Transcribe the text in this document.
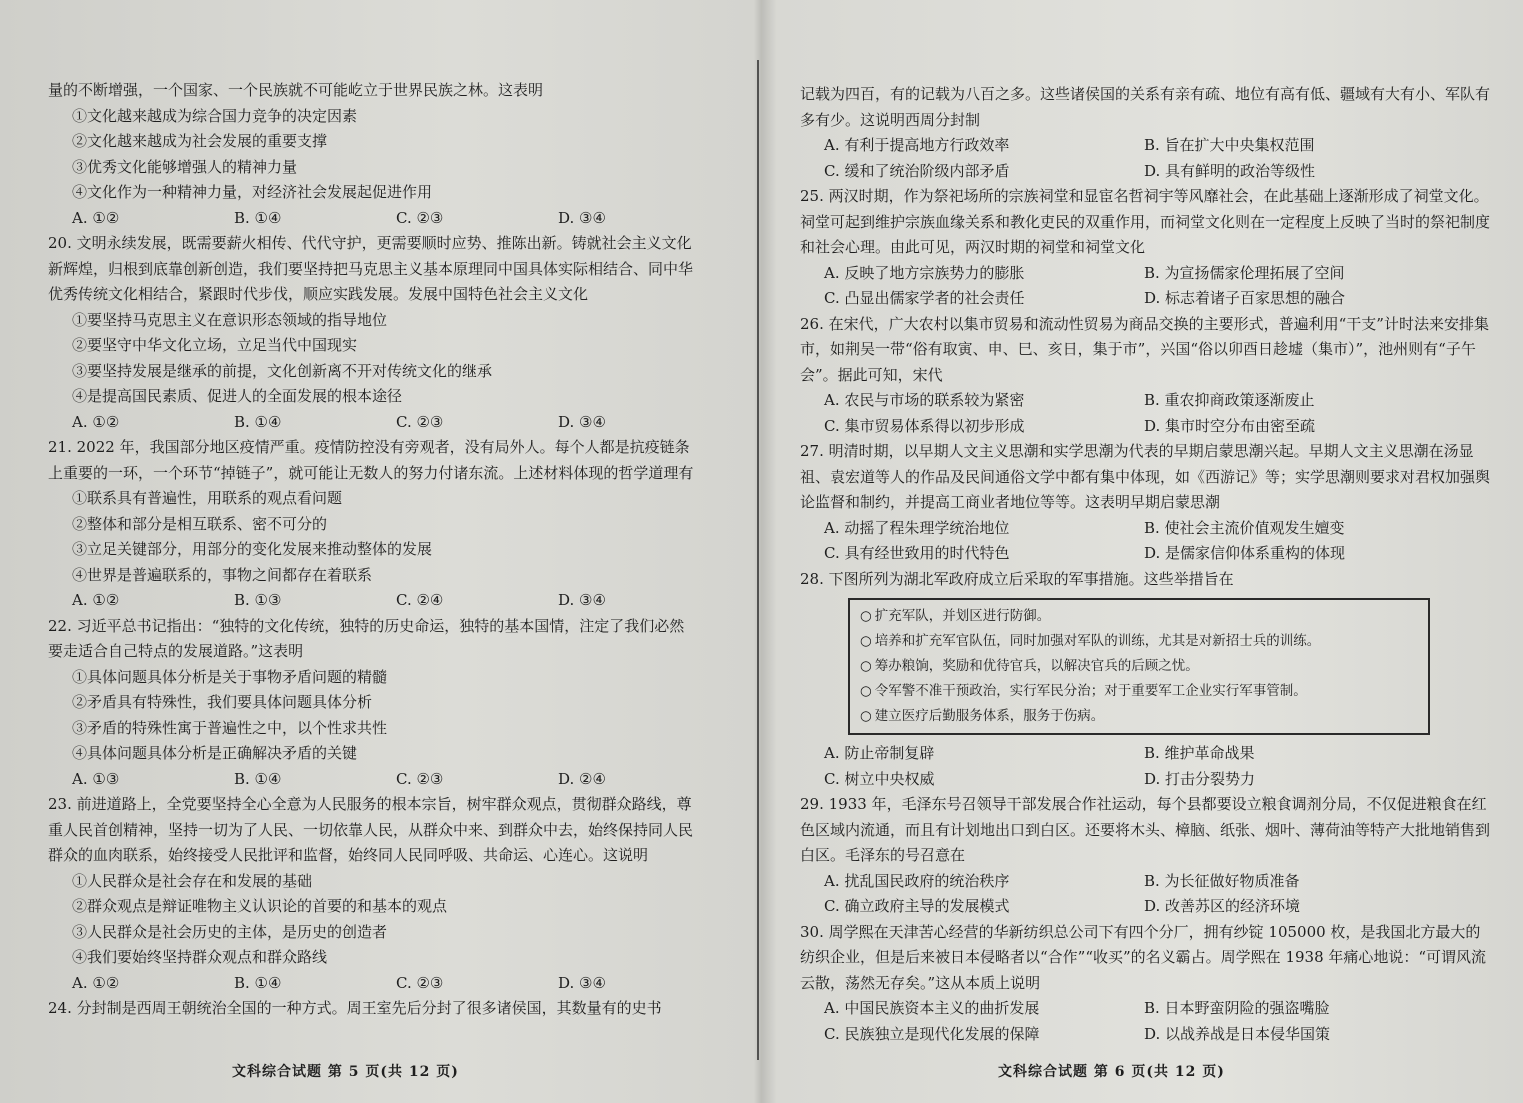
量的不断增强，一个国家、一个民族就不可能屹立于世界民族之林。这表明

①文化越来越成为综合国力竞争的决定因素
②文化越来越成为社会发展的重要支撑
③优秀文化能够增强人的精神力量
④文化作为一种精神力量，对经济社会发展起促进作用
A. ①②	B. ①④	C. ②③	D. ③④

20. 文明永续发展，既需要薪火相传、代代守护，更需要顺时应势、推陈出新。铸就社会主义文化新辉煌，归根到底靠创新创造，我们要坚持把马克思主义基本原理同中国具体实际相结合、同中华优秀传统文化相结合，紧跟时代步伐，顺应实践发展。发展中国特色社会主义文化

①要坚持马克思主义在意识形态领域的指导地位
②要坚守中华文化立场，立足当代中国现实
③要坚持发展是继承的前提，文化创新离不开对传统文化的继承
④是提高国民素质、促进人的全面发展的根本途径
A. ①②	B. ①④	C. ②③	D. ③④

21. 2022 年，我国部分地区疫情严重。疫情防控没有旁观者，没有局外人。每个人都是抗疫链条上重要的一环，一个环节“掉链子”，就可能让无数人的努力付诸东流。上述材料体现的哲学道理有

①联系具有普遍性，用联系的观点看问题
②整体和部分是相互联系、密不可分的
③立足关键部分，用部分的变化发展来推动整体的发展
④世界是普遍联系的，事物之间都存在着联系
A. ①②	B. ①③	C. ②④	D. ③④

22. 习近平总书记指出：“独特的文化传统，独特的历史命运，独特的基本国情，注定了我们必然要走适合自己特点的发展道路。”这表明

①具体问题具体分析是关于事物矛盾问题的精髓
②矛盾具有特殊性，我们要具体问题具体分析
③矛盾的特殊性寓于普遍性之中，以个性求共性
④具体问题具体分析是正确解决矛盾的关键
A. ①③	B. ①④	C. ②③	D. ②④

23. 前进道路上，全党要坚持全心全意为人民服务的根本宗旨，树牢群众观点，贯彻群众路线，尊重人民首创精神，坚持一切为了人民、一切依靠人民，从群众中来、到群众中去，始终保持同人民群众的血肉联系，始终接受人民批评和监督，始终同人民同呼吸、共命运、心连心。这说明

①人民群众是社会存在和发展的基础
②群众观点是辩证唯物主义认识论的首要的和基本的观点
③人民群众是社会历史的主体，是历史的创造者
④我们要始终坚持群众观点和群众路线
A. ①②	B. ①④	C. ②③	D. ③④

24. 分封制是西周王朝统治全国的一种方式。周王室先后分封了很多诸侯国，其数量有的史书

文科综合试题 第 5 页(共 12 页)

记载为四百，有的记载为八百之多。这些诸侯国的关系有亲有疏、地位有高有低、疆域有大有小、军队有多有少。这说明西周分封制

A. 有利于提高地方行政效率	B. 旨在扩大中央集权范围
C. 缓和了统治阶级内部矛盾	D. 具有鲜明的政治等级性

25. 两汉时期，作为祭祀场所的宗族祠堂和显宦名哲祠宇等风靡社会，在此基础上逐渐形成了祠堂文化。祠堂可起到维护宗族血缘关系和教化吏民的双重作用，而祠堂文化则在一定程度上反映了当时的祭祀制度和社会心理。由此可见，两汉时期的祠堂和祠堂文化

A. 反映了地方宗族势力的膨胀	B. 为宣扬儒家伦理拓展了空间
C. 凸显出儒家学者的社会责任	D. 标志着诸子百家思想的融合

26. 在宋代，广大农村以集市贸易和流动性贸易为商品交换的主要形式，普遍利用“干支”计时法来安排集市，如荆吴一带“俗有取寅、申、巳、亥日，集于市”，兴国“俗以卯酉日趁墟（集市）”，池州则有“子午会”。据此可知，宋代

A. 农民与市场的联系较为紧密	B. 重农抑商政策逐渐废止
C. 集市贸易体系得以初步形成	D. 集市时空分布由密至疏

27. 明清时期，以早期人文主义思潮和实学思潮为代表的早期启蒙思潮兴起。早期人文主义思潮在汤显祖、袁宏道等人的作品及民间通俗文学中都有集中体现，如《西游记》等；实学思潮则要求对君权加强舆论监督和制约，并提高工商业者地位等等。这表明早期启蒙思潮

A. 动摇了程朱理学统治地位	B. 使社会主流价值观发生嬗变
C. 具有经世致用的时代特色	D. 是儒家信仰体系重构的体现

28. 下图所列为湖北军政府成立后采取的军事措施。这些举措旨在

○ 扩充军队，并划区进行防御。
○ 培养和扩充军官队伍，同时加强对军队的训练，尤其是对新招士兵的训练。
○ 筹办粮饷，奖励和优待官兵，以解决官兵的后顾之忧。
○ 令军警不准干预政治，实行军民分治；对于重要军工企业实行军事管制。
○ 建立医疗后勤服务体系，服务于伤病。
A. 防止帝制复辟	B. 维护革命战果
C. 树立中央权威	D. 打击分裂势力

29. 1933 年，毛泽东号召领导干部发展合作社运动，每个县都要设立粮食调剂分局，不仅促进粮食在红色区域内流通，而且有计划地出口到白区。还要将木头、樟脑、纸张、烟叶、薄荷油等特产大批地销售到白区。毛泽东的号召意在

A. 扰乱国民政府的统治秩序	B. 为长征做好物质准备
C. 确立政府主导的发展模式	D. 改善苏区的经济环境

30. 周学熙在天津苦心经营的华新纺织总公司下有四个分厂，拥有纱锭 105000 枚，是我国北方最大的纺织企业，但是后来被日本侵略者以“合作”“收买”的名义霸占。周学熙在 1938 年痛心地说：“可谓风流云散，荡然无存矣。”这从本质上说明

A. 中国民族资本主义的曲折发展	B. 日本野蛮阴险的强盗嘴脸
C. 民族独立是现代化发展的保障	D. 以战养战是日本侵华国策
文科综合试题 第 6 页(共 12 页)
